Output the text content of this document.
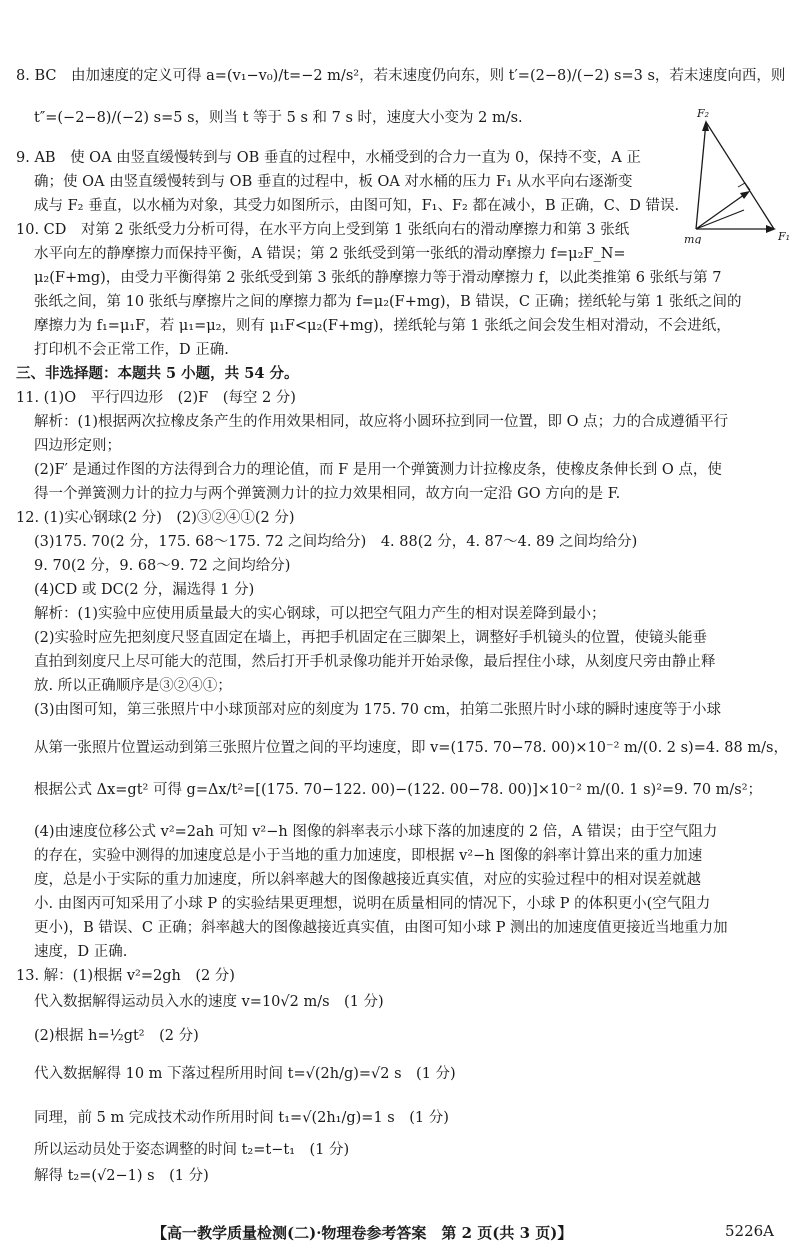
8. BC　由加速度的定义可得 a=(v₁−v₀)/t=−2 m/s²，若末速度仍向东，则 t′=(2−8)/(−2) s=3 s，若末速度向西，则
t″=(−2−8)/(−2) s=5 s，则当 t 等于 5 s 和 7 s 时，速度大小变为 2 m/s.
9. AB　使 OA 由竖直缓慢转到与 OB 垂直的过程中，水桶受到的合力一直为 0，保持不变，A 正
确；使 OA 由竖直缓慢转到与 OB 垂直的过程中，板 OA 对水桶的压力 F₁ 从水平向右逐渐变
成与 F₂ 垂直，以水桶为对象，其受力如图所示，由图可知，F₁、F₂ 都在减小，B 正确，C、D 错误.
10. CD　对第 2 张纸受力分析可得，在水平方向上受到第 1 张纸向右的滑动摩擦力和第 3 张纸
水平向左的静摩擦力而保持平衡，A 错误；第 2 张纸受到第一张纸的滑动摩擦力 f=μ₂F_N=
μ₂(F+mg)，由受力平衡得第 2 张纸受到第 3 张纸的静摩擦力等于滑动摩擦力 f，以此类推第 6 张纸与第 7
张纸之间，第 10 张纸与摩擦片之间的摩擦力都为 f=μ₂(F+mg)，B 错误，C 正确；搓纸轮与第 1 张纸之间的
摩擦力为 f₁=μ₁F，若 μ₁=μ₂，则有 μ₁F<μ₂(F+mg)，搓纸轮与第 1 张纸之间会发生相对滑动，不会进纸，
打印机不会正常工作，D 正确.
三、非选择题：本题共 5 小题，共 54 分。
11. (1)O　平行四边形　(2)F　(每空 2 分)
解析：(1)根据两次拉橡皮条产生的作用效果相同，故应将小圆环拉到同一位置，即 O 点；力的合成遵循平行
四边形定则；
(2)F′ 是通过作图的方法得到合力的理论值，而 F 是用一个弹簧测力计拉橡皮条，使橡皮条伸长到 O 点，使
得一个弹簧测力计的拉力与两个弹簧测力计的拉力效果相同，故方向一定沿 GO 方向的是 F.
12. (1)实心钢球(2 分)　(2)③②④①(2 分)
(3)175. 70(2 分，175. 68～175. 72 之间均给分)　4. 88(2 分，4. 87～4. 89 之间均给分)
9. 70(2 分，9. 68～9. 72 之间均给分)
(4)CD 或 DC(2 分，漏选得 1 分)
解析：(1)实验中应使用质量最大的实心钢球，可以把空气阻力产生的相对误差降到最小；
(2)实验时应先把刻度尺竖直固定在墙上，再把手机固定在三脚架上，调整好手机镜头的位置，使镜头能垂
直拍到刻度尺上尽可能大的范围，然后打开手机录像功能并开始录像，最后捏住小球，从刻度尺旁由静止释
放. 所以正确顺序是③②④①；
(3)由图可知，第三张照片中小球顶部对应的刻度为 175. 70 cm，拍第二张照片时小球的瞬时速度等于小球
从第一张照片位置运动到第三张照片位置之间的平均速度，即 v=(175. 70−78. 00)×10⁻² m/(0. 2 s)=4. 88 m/s，
根据公式 Δx=gt² 可得 g=Δx/t²=[(175. 70−122. 00)−(122. 00−78. 00)]×10⁻² m/(0. 1 s)²=9. 70 m/s²；
(4)由速度位移公式 v²=2ah 可知 v²−h 图像的斜率表示小球下落的加速度的 2 倍，A 错误；由于空气阻力
的存在，实验中测得的加速度总是小于当地的重力加速度，即根据 v²−h 图像的斜率计算出来的重力加速
度，总是小于实际的重力加速度，所以斜率越大的图像越接近真实值，对应的实验过程中的相对误差就越
小. 由图丙可知采用了小球 P 的实验结果更理想，说明在质量相同的情况下，小球 P 的体积更小(空气阻力
更小)，B 错误、C 正确；斜率越大的图像越接近真实值，由图可知小球 P 测出的加速度值更接近当地重力加
速度，D 正确.
13. 解：(1)根据 v²=2gh　(2 分)
代入数据解得运动员入水的速度 v=10√2 m/s　(1 分)
(2)根据 h=½gt²　(2 分)
代入数据解得 10 m 下落过程所用时间 t=√(2h/g)=√2 s　(1 分)
同理，前 5 m 完成技术动作所用时间 t₁=√(2h₁/g)=1 s　(1 分)
所以运动员处于姿态调整的时间 t₂=t−t₁　(1 分)
解得 t₂=(√2−1) s　(1 分)
F₂
mg	F₁
【高一教学质量检测(二)·物理卷参考答案　第 2 页(共 3 页)】	5226A
